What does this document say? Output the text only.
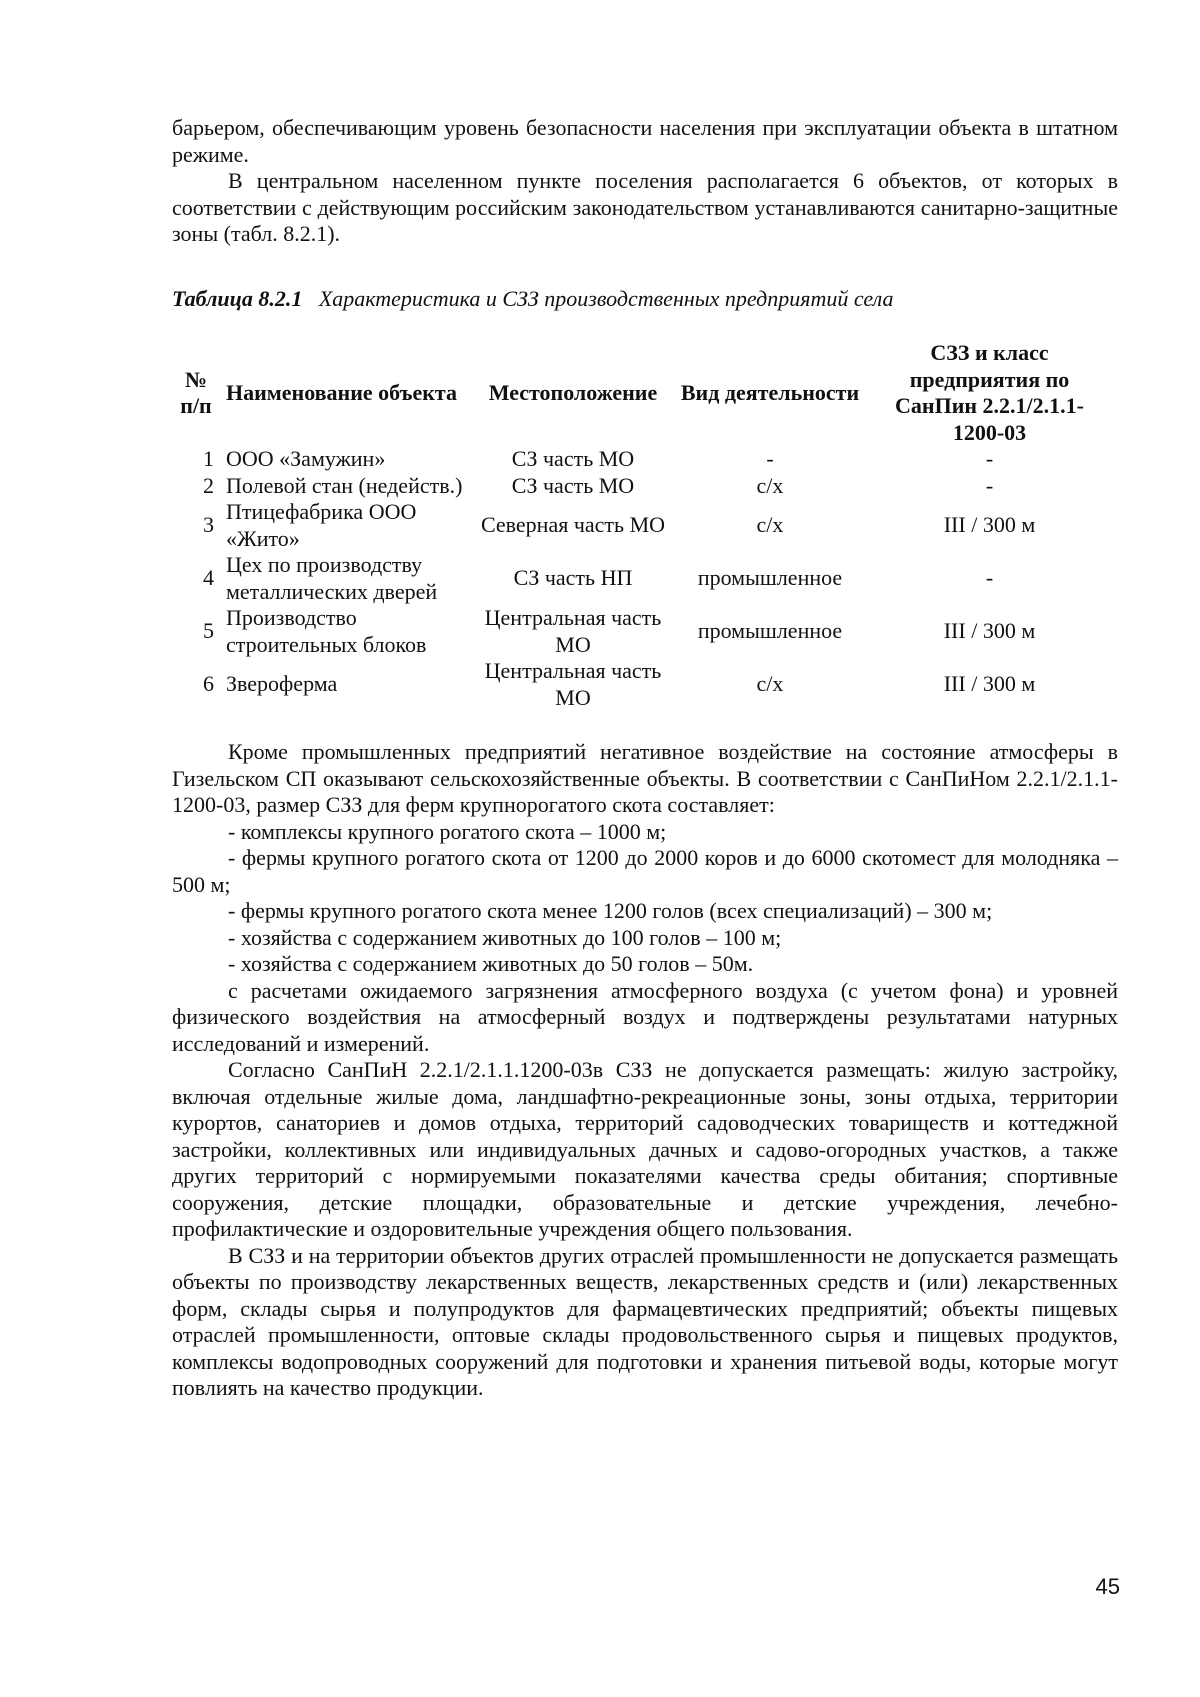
барьером, обеспечивающим уровень безопасности населения при эксплуатации объекта в штатном режиме.

В центральном населенном пункте поселения располагается 6 объектов, от которых в соответствии с действующим российским законодательством устанавливаются санитарно-защитные зоны (табл. 8.2.1).

Таблица 8.2.1 Характеристика и СЗЗ производственных предприятий села
№ п/п	Наименование объекта	Местоположение	Вид деятельности	СЗЗ и класс предприятия по СанПин 2.2.1/2.1.1-1200-03
1	ООО «Замужин»	СЗ часть МО	-	-
2	Полевой стан (недейств.)	СЗ часть МО	с/х	-
3	Птицефабрика ООО «Жито»	Северная часть МО	с/х	III / 300 м
4	Цех по производству металлических дверей	СЗ часть НП	промышленное	-
5	Производство строительных блоков	Центральная часть МО	промышленное	III / 300 м
6	Звероферма	Центральная часть МО	с/х	III / 300 м

Кроме промышленных предприятий негативное воздействие на состояние атмосферы в Гизельском СП оказывают сельскохозяйственные объекты. В соответствии с СанПиНом 2.2.1/2.1.1-1200-03, размер СЗЗ для ферм крупнорогатого скота составляет:

- комплексы крупного рогатого скота – 1000 м;

- фермы крупного рогатого скота от 1200 до 2000 коров и до 6000 скотомест для молодняка – 500 м;

- фермы крупного рогатого скота менее 1200 голов (всех специализаций) – 300 м;

- хозяйства с содержанием животных до 100 голов – 100 м;

- хозяйства с содержанием животных до 50 голов – 50м.

с расчетами ожидаемого загрязнения атмосферного воздуха (с учетом фона) и уровней физического воздействия на атмосферный воздух и подтверждены результатами натурных исследований и измерений.

Согласно СанПиН 2.2.1/2.1.1.1200-03в СЗЗ не допускается размещать: жилую застройку, включая отдельные жилые дома, ландшафтно-рекреационные зоны, зоны отдыха, территории курортов, санаториев и домов отдыха, территорий садоводческих товариществ и коттеджной застройки, коллективных или индивидуальных дачных и садово-огородных участков, а также других территорий с нормируемыми показателями качества среды обитания; спортивные сооружения, детские площадки, образовательные и детские учреждения, лечебно-профилактические и оздоровительные учреждения общего пользования.

В СЗЗ и на территории объектов других отраслей промышленности не допускается размещать объекты по производству лекарственных веществ, лекарственных средств и (или) лекарственных форм, склады сырья и полупродуктов для фармацевтических предприятий; объекты пищевых отраслей промышленности, оптовые склады продовольственного сырья и пищевых продуктов, комплексы водопроводных сооружений для подготовки и хранения питьевой воды, которые могут повлиять на качество продукции.

45
